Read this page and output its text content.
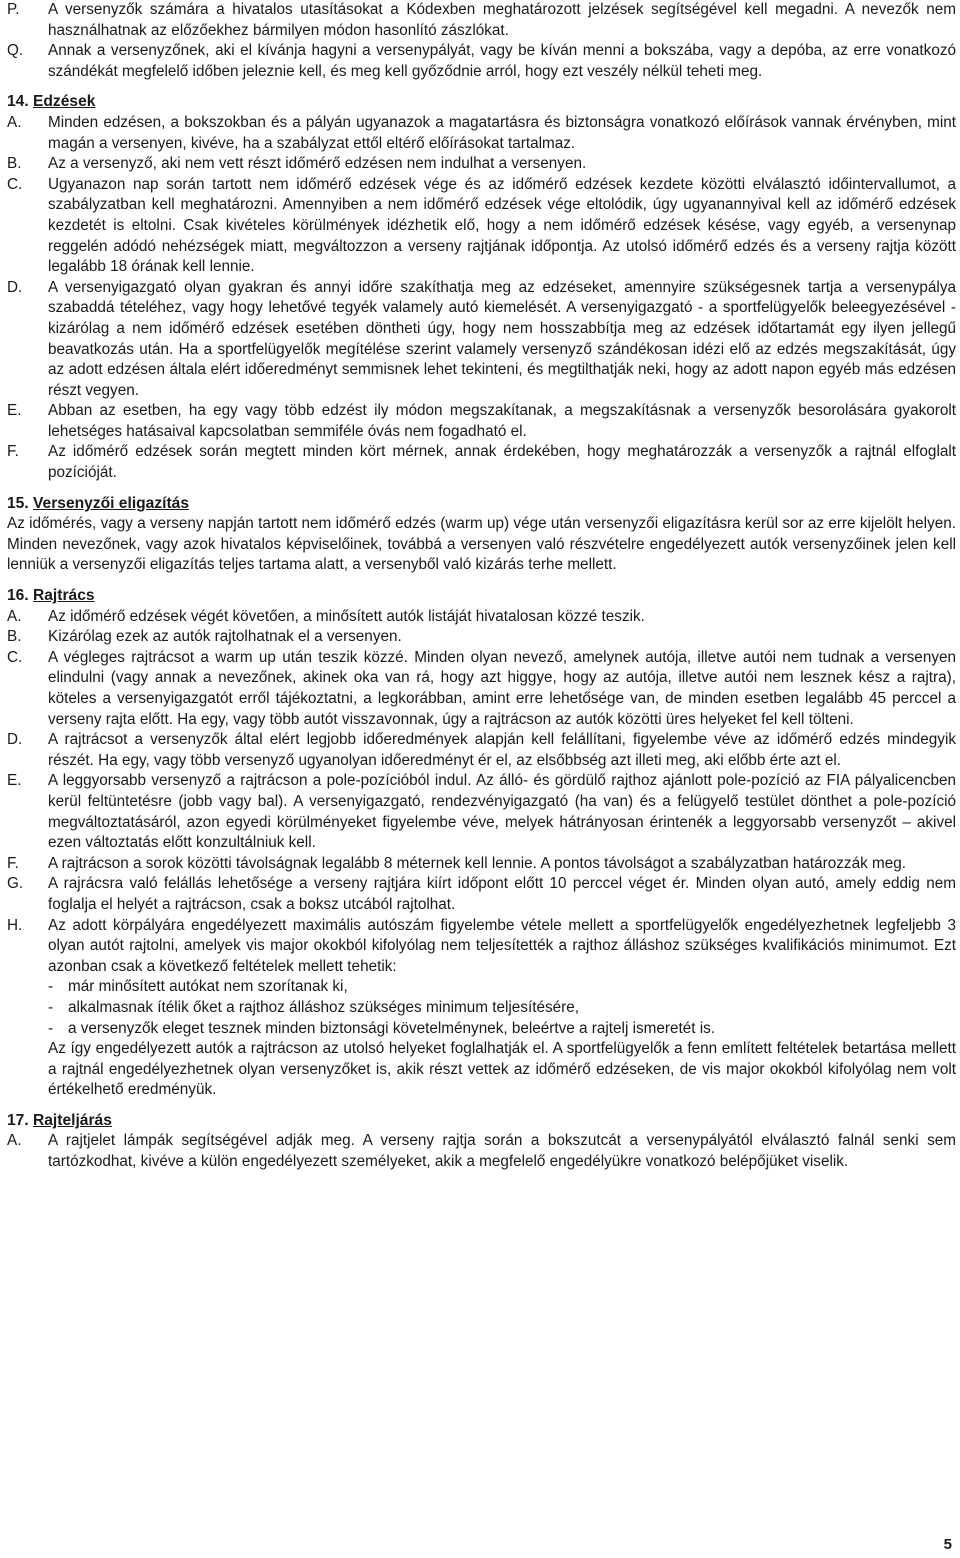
P.	A versenyzők számára a hivatalos utasításokat a Kódexben meghatározott jelzések segítségével kell megadni. A nevezők nem használhatnak az előzőekhez bármilyen módon hasonlító zászlókat.
Q.	Annak a versenyzőnek, aki el kívánja hagyni a versenypályát, vagy be kíván menni a bokszába, vagy a depóba, az erre vonatkozó szándékát megfelelő időben jeleznie kell, és meg kell győződnie arról, hogy ezt veszély nélkül teheti meg.
14. Edzések
A.	Minden edzésen, a bokszokban és a pályán ugyanazok a magatartásra és biztonságra vonatkozó előírások vannak érvényben, mint magán a versenyen, kivéve, ha a szabályzat ettől eltérő előírásokat tartalmaz.
B.	Az a versenyző, aki nem vett részt időmérő edzésen nem indulhat a versenyen.
C.	Ugyanazon nap során tartott nem időmérő edzések vége és az időmérő edzések kezdete közötti elválasztó időintervallumot, a szabályzatban kell meghatározni. Amennyiben a nem időmérő edzések vége eltolódik, úgy ugyanannyival kell az időmérő edzések kezdetét is eltolni. Csak kivételes körülmények idézhetik elő, hogy a nem időmérő edzések késése, vagy egyéb, a versenynap reggelén adódó nehézségek miatt, megváltozzon a verseny rajtjának időpontja. Az utolsó időmérő edzés és a verseny rajtja között legalább 18 órának kell lennie.
D.	A versenyigazgató olyan gyakran és annyi időre szakíthatja meg az edzéseket, amennyire szükségesnek tartja a versenypálya szabaddá tételéhez, vagy hogy lehetővé tegyék valamely autó kiemelését. A versenyigazgató - a sportfelügyelők beleegyezésével - kizárólag a nem időmérő edzések esetében döntheti úgy, hogy nem hosszabbítja meg az edzések időtartamát egy ilyen jellegű beavatkozás után. Ha a sportfelügyelők megítélése szerint valamely versenyző szándékosan idézi elő az edzés megszakítását, úgy az adott edzésen általa elért időeredményt semmisnek lehet tekinteni, és megtilthatják neki, hogy az adott napon egyéb más edzésen részt vegyen.
E.	Abban az esetben, ha egy vagy több edzést ily módon megszakítanak, a megszakításnak a versenyzők besorolására gyakorolt lehetséges hatásaival kapcsolatban semmiféle óvás nem fogadható el.
F.	Az időmérő edzések során megtett minden kört mérnek, annak érdekében, hogy meghatározzák a versenyzők a rajtnál elfoglalt pozícióját.
15. Versenyzői eligazítás
Az időmérés, vagy a verseny napján tartott nem időmérő edzés (warm up) vége után versenyzői eligazításra kerül sor az erre kijelölt helyen. Minden nevezőnek, vagy azok hivatalos képviselőinek, továbbá a versenyen való részvételre engedélyezett autók versenyzőinek jelen kell lenniük a versenyzői eligazítás teljes tartama alatt, a versenyből való kizárás terhe mellett.
16. Rajtrács
A.	Az időmérő edzések végét követően, a minősített autók listáját hivatalosan közzé teszik.
B.	Kizárólag ezek az autók rajtolhatnak el a versenyen.
C.	A végleges rajtrácsot a warm up után teszik közzé. Minden olyan nevező, amelynek autója, illetve autói nem tudnak a versenyen elindulni (vagy annak a nevezőnek, akinek oka van rá, hogy azt higgye, hogy az autója, illetve autói nem lesznek kész a rajtra), köteles a versenyigazgatót erről tájékoztatni, a legkorábban, amint erre lehetősége van, de minden esetben legalább 45 perccel a verseny rajta előtt. Ha egy, vagy több autót visszavonnak, úgy a rajtrácson az autók közötti üres helyeket fel kell tölteni.
D.	A rajtrácsot a versenyzők által elért legjobb időeredmények alapján kell felállítani, figyelembe véve az időmérő edzés mindegyik részét. Ha egy, vagy több versenyző ugyanolyan időeredményt ér el, az elsőbbség azt illeti meg, aki előbb érte azt el.
E.	A leggyorsabb versenyző a rajtrácson a pole-pozícióból indul. Az álló- és gördülő rajthoz ajánlott pole-pozíció az FIA pályalicencben kerül feltüntetésre (jobb vagy bal). A versenyigazgató, rendezvényigazgató (ha van) és a felügyelő testület dönthet a pole-pozíció megváltoztatásáról, azon egyedi körülményeket figyelembe véve, melyek hátrányosan érintenék a leggyorsabb versenyzőt – akivel ezen változtatás előtt konzultálniuk kell.
F.	A rajtrácson a sorok közötti távolságnak legalább 8 méternek kell lennie. A pontos távolságot a szabályzatban határozzák meg.
G.	A rajrácsra való felállás lehetősége a verseny rajtjára kiírt időpont előtt 10 perccel véget ér. Minden olyan autó, amely eddig nem foglalja el helyét a rajtrácson, csak a boksz utcából rajtolhat.
H.	Az adott körpályára engedélyezett maximális autószám figyelembe vétele mellett a sportfelügyelők engedélyezhetnek legfeljebb 3 olyan autót rajtolni, amelyek vis major okokból kifolyólag nem teljesítették a rajthoz álláshoz szükséges kvalifikációs minimumot. Ezt azonban csak a következő feltételek mellett tehetik:

- már minősített autókat nem szorítanak ki,
- alkalmasnak ítélik őket a rajthoz álláshoz szükséges minimum teljesítésére,
- a versenyzők eleget tesznek minden biztonsági követelménynek, beleértve a rajtelj ismeretét is.

Az így engedélyezett autók a rajtrácson az utolsó helyeket foglalhatják el. A sportfelügyelők a fenn említett feltételek betartása mellett a rajtnál engedélyezhetnek olyan versenyzőket is, akik részt vettek az időmérő edzéseken, de vis major okokból kifolyólag nem volt értékelhető eredményük.

17. Rajteljárás
A.	A rajtjelet lámpák segítségével adják meg. A verseny rajtja során a bokszutcát a versenypályától elválasztó falnál senki sem tartózkodhat, kivéve a külön engedélyezett személyeket, akik a megfelelő engedélyükre vonatkozó belépőjüket viselik.
5
